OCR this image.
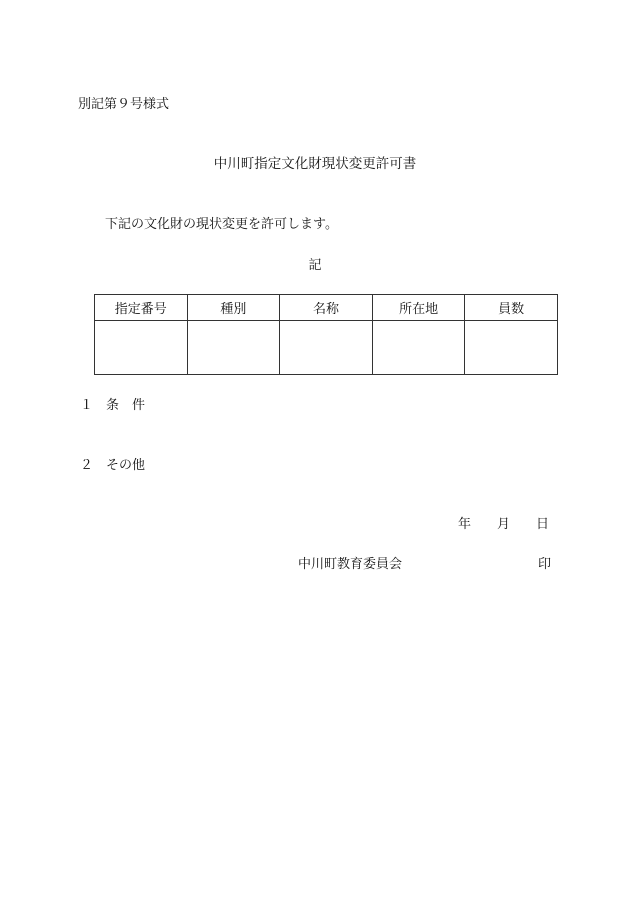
別記第９号様式

中川町指定文化財現状変更許可書

下記の文化財の現状変更を許可します。

記

指定番号	種別	名称	所在地	員数

１ 条　件

２ その他

年　　月　　日

中川町教育委員会	印
